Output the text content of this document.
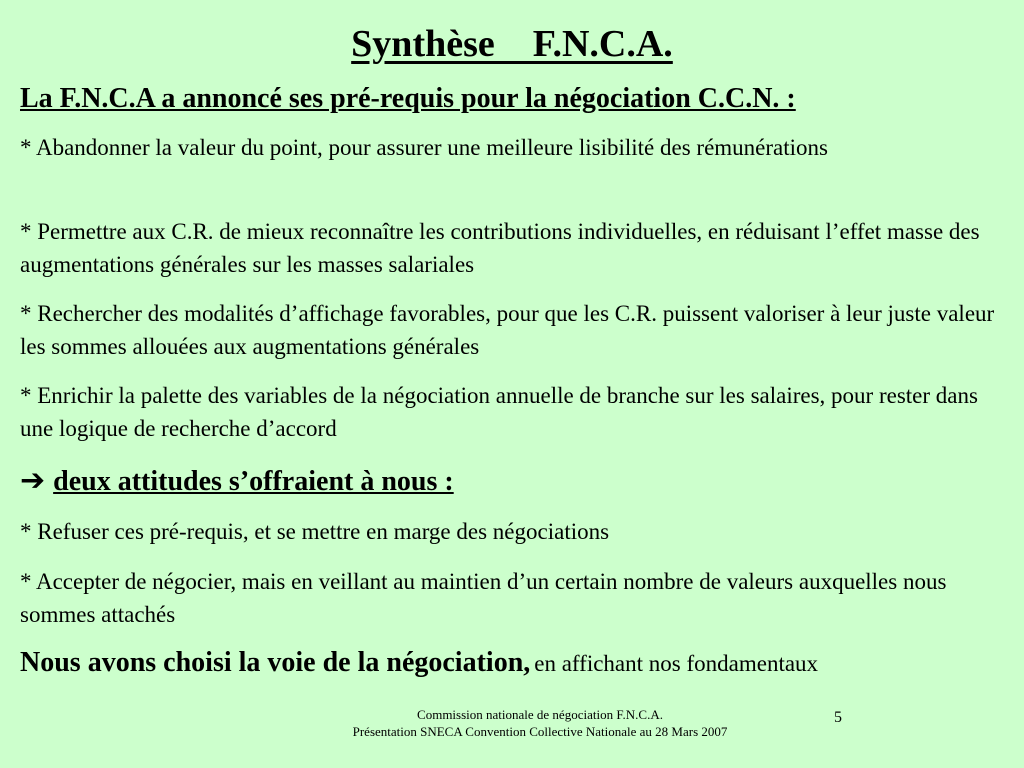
Synthèse    F.N.C.A.
La F.N.C.A a annoncé ses pré-requis pour la négociation C.C.N. :
* Abandonner la valeur du point, pour assurer une meilleure lisibilité des rémunérations
* Permettre aux C.R. de mieux reconnaître les contributions individuelles, en réduisant l’effet masse des augmentations générales sur les masses salariales
* Rechercher des modalités d’affichage favorables, pour que les C.R. puissent valoriser à leur juste valeur les sommes allouées aux augmentations générales
* Enrichir la palette des variables de la négociation annuelle de branche sur les salaires, pour rester dans une logique de recherche d’accord
➔ deux attitudes s’offraient à nous :
* Refuser ces pré-requis, et se mettre en marge des négociations
* Accepter de négocier, mais en veillant au maintien d’un certain nombre de valeurs auxquelles nous sommes attachés
Nous avons choisi la voie de la négociation, en affichant nos fondamentaux
Commission nationale de négociation F.N.C.A.
Présentation SNECA Convention Collective Nationale au 28 Mars 2007
5
